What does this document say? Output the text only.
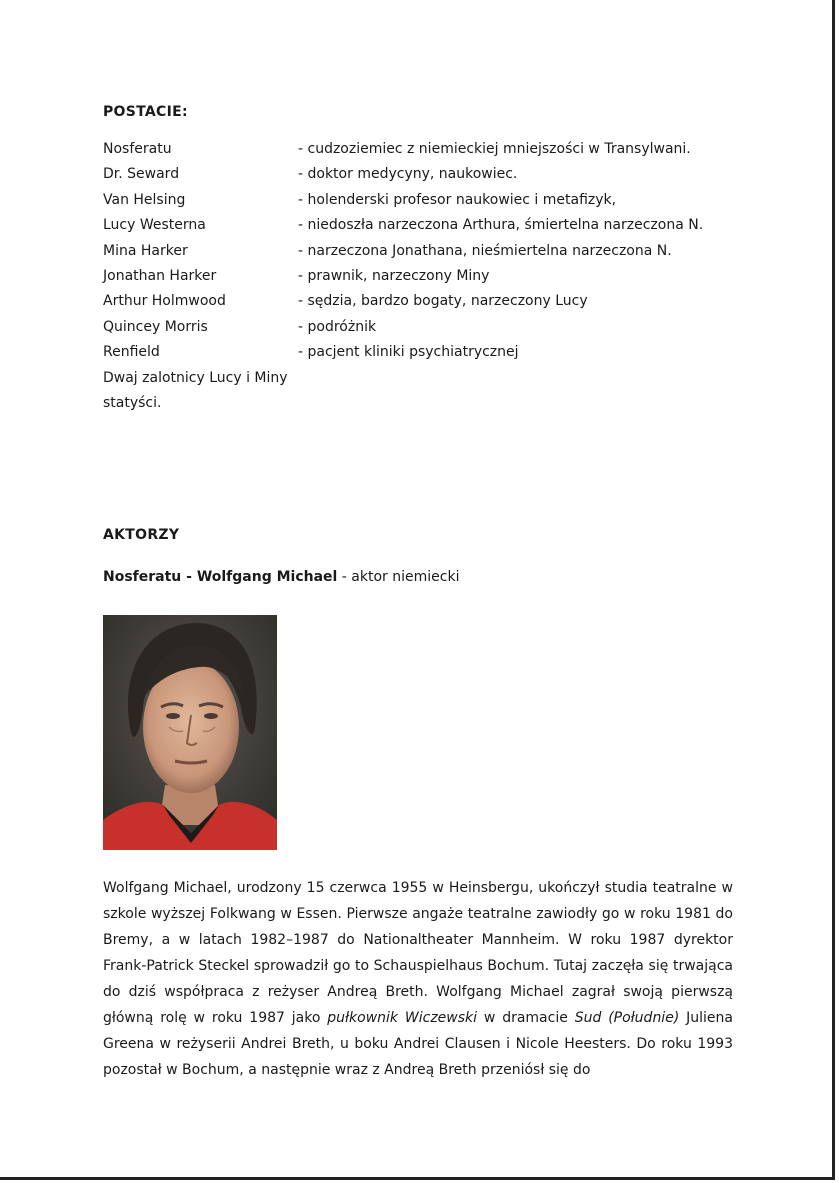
POSTACIE:
Nosferatu	- cudzoziemiec z niemieckiej mniejszości w Transylwani.
Dr. Seward	- doktor medycyny, naukowiec.
Van Helsing	- holenderski profesor naukowiec i metafizyk,
Lucy Westerna	- niedoszła narzeczona Arthura, śmiertelna narzeczona N.
Mina Harker	- narzeczona Jonathana, nieśmiertelna narzeczona N.
Jonathan Harker	- prawnik, narzeczony Miny
Arthur Holmwood	- sędzia, bardzo bogaty, narzeczony Lucy
Quincey Morris	- podróżnik
Renfield	- pacjent kliniki psychiatrycznej
Dwaj zalotnicy Lucy i Miny
statyści.
AKTORZY
Nosferatu - Wolfgang Michael - aktor niemiecki
Wolfgang Michael, urodzony 15 czerwca 1955 w Heinsbergu, ukończył studia teatralne w szkole wyższej Folkwang w Essen. Pierwsze angaże teatralne zawiodły go w roku 1981 do Bremy, a w latach 1982–1987 do Nationaltheater Mannheim. W roku 1987 dyrektor Frank-Patrick Steckel sprowadził go to Schauspielhaus Bochum. Tutaj zaczęła się trwająca do dziś współpraca z reżyser Andreą Breth. Wolfgang Michael zagrał swoją pierwszą główną rolę w roku 1987 jako pułkownik Wiczewski w dramacie Sud (Południe) Juliena Greena w reżyserii Andrei Breth, u boku Andrei Clausen i Nicole Heesters. Do roku 1993 pozostał w Bochum, a następnie wraz z Andreą Breth przeniósł się do
